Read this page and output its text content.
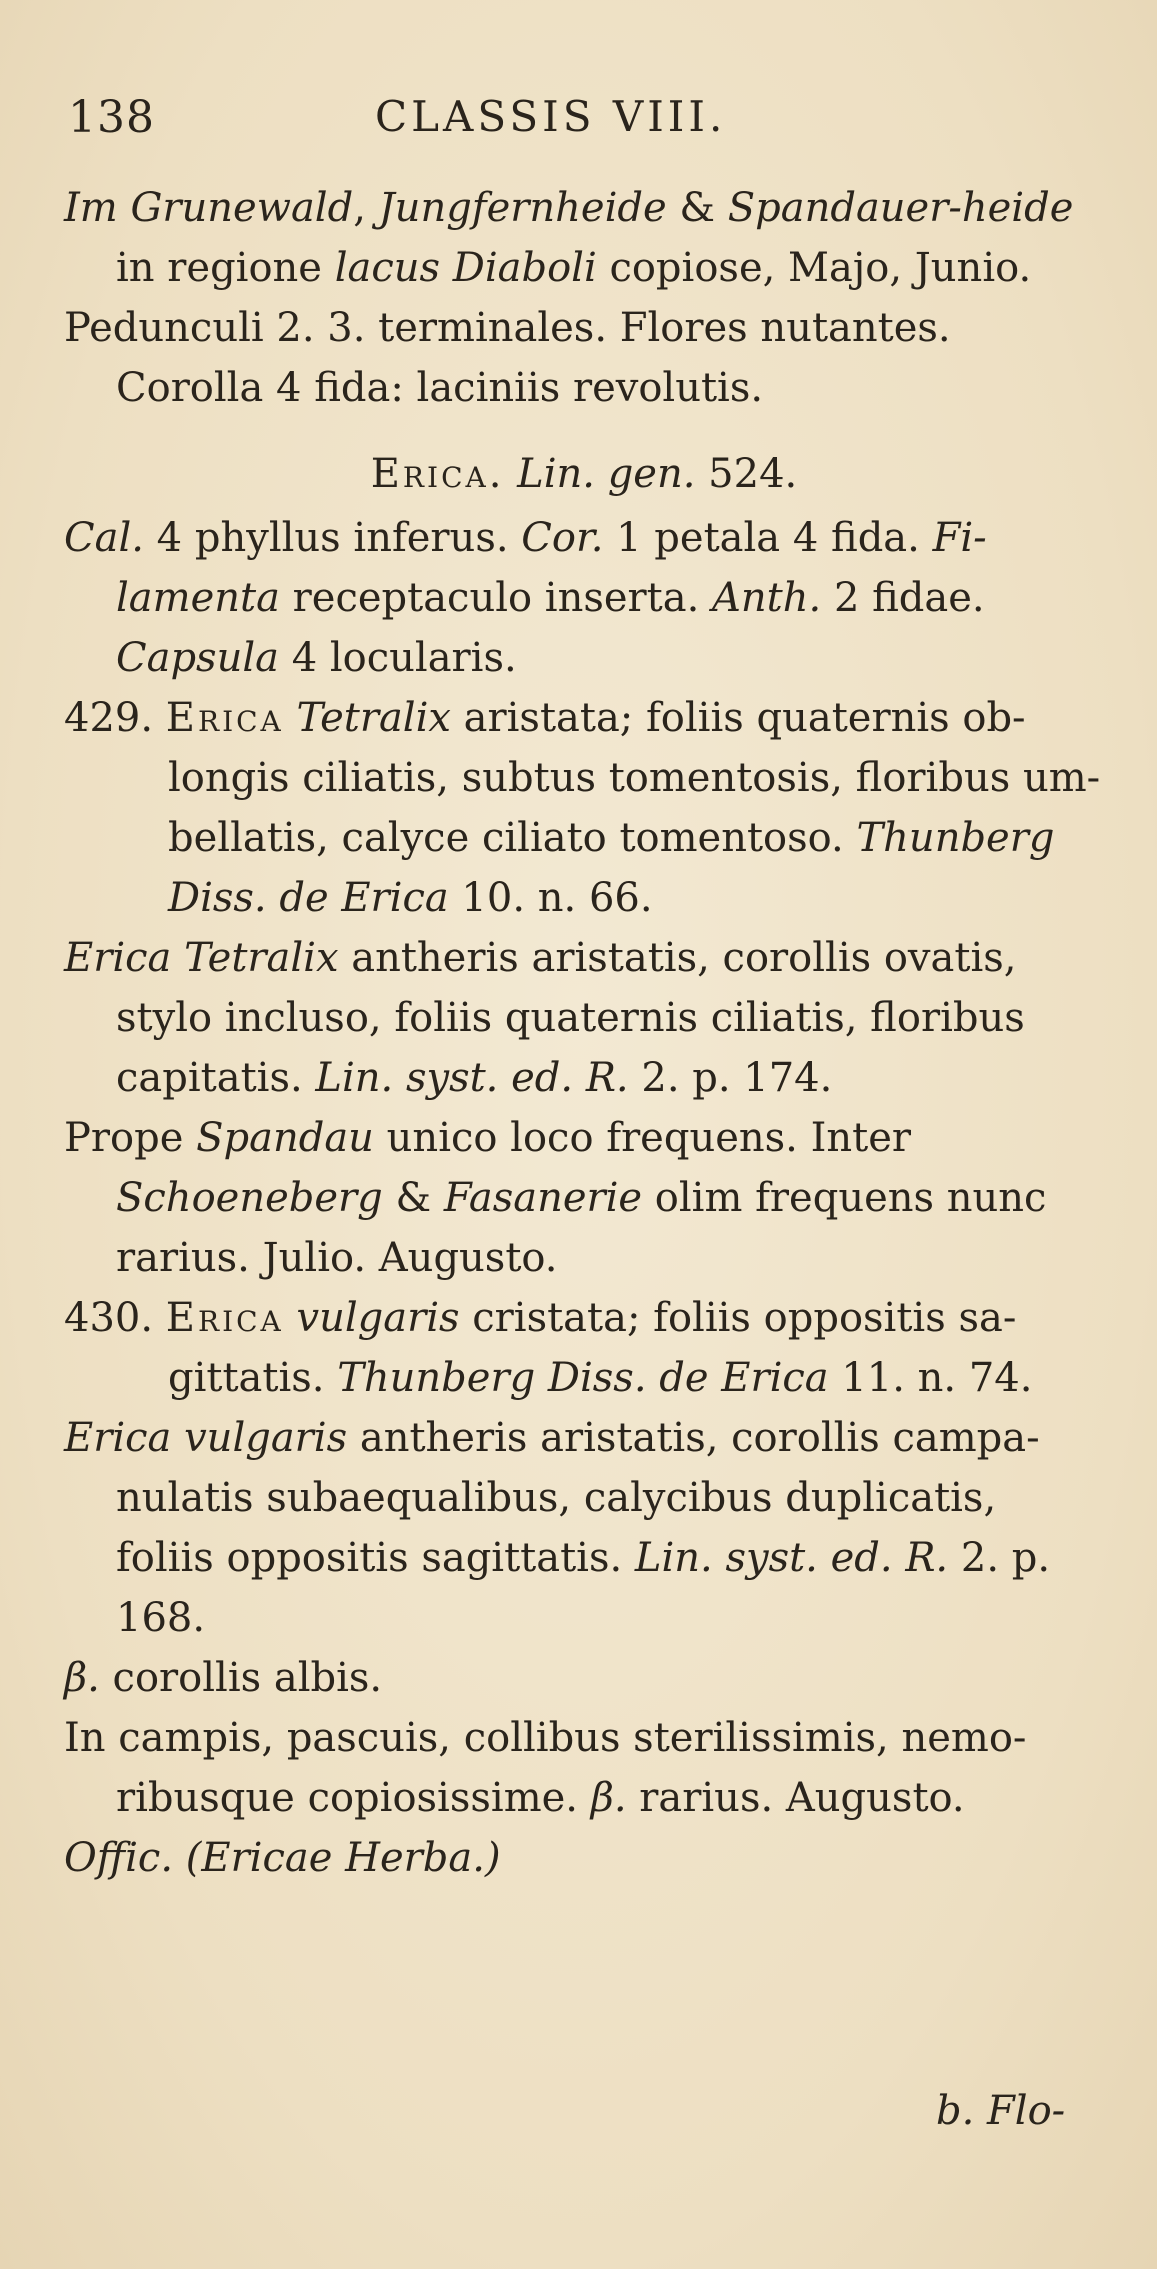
138	CLASSIS VIII.

Im Grunewald, Jungfernheide & Spandauer-heide in regione lacus Diaboli copiose, Majo, Junio.

Pedunculi 2. 3. terminales. Flores nutantes. Corolla 4 fida: laciniis revolutis.

Erica. Lin. gen. 524.

Cal. 4 phyllus inferus. Cor. 1 petala 4 fida. Fi-lamenta receptaculo inserta. Anth. 2 fidae. Capsula 4 locularis.

429. Erica Tetralix aristata; foliis quaternis ob-longis ciliatis, subtus tomentosis, floribus um-bellatis, calyce ciliato tomentoso. Thunberg Diss. de Erica 10. n. 66.

Erica Tetralix antheris aristatis, corollis ovatis, stylo incluso, foliis quaternis ciliatis, floribus capitatis. Lin. syst. ed. R. 2. p. 174.

Prope Spandau unico loco frequens. Inter Schoeneberg & Fasanerie olim frequens nunc rarius. Julio. Augusto.

430. Erica vulgaris cristata; foliis oppositis sa-gittatis. Thunberg Diss. de Erica 11. n. 74.

Erica vulgaris antheris aristatis, corollis campa-nulatis subaequalibus, calycibus duplicatis, foliis oppositis sagittatis. Lin. syst. ed. R. 2. p. 168.

β. corollis albis.

In campis, pascuis, collibus sterilissimis, nemo-ribusque copiosissime. β. rarius. Augusto.

Offic. (Ericae Herba.)

b. Flo-
